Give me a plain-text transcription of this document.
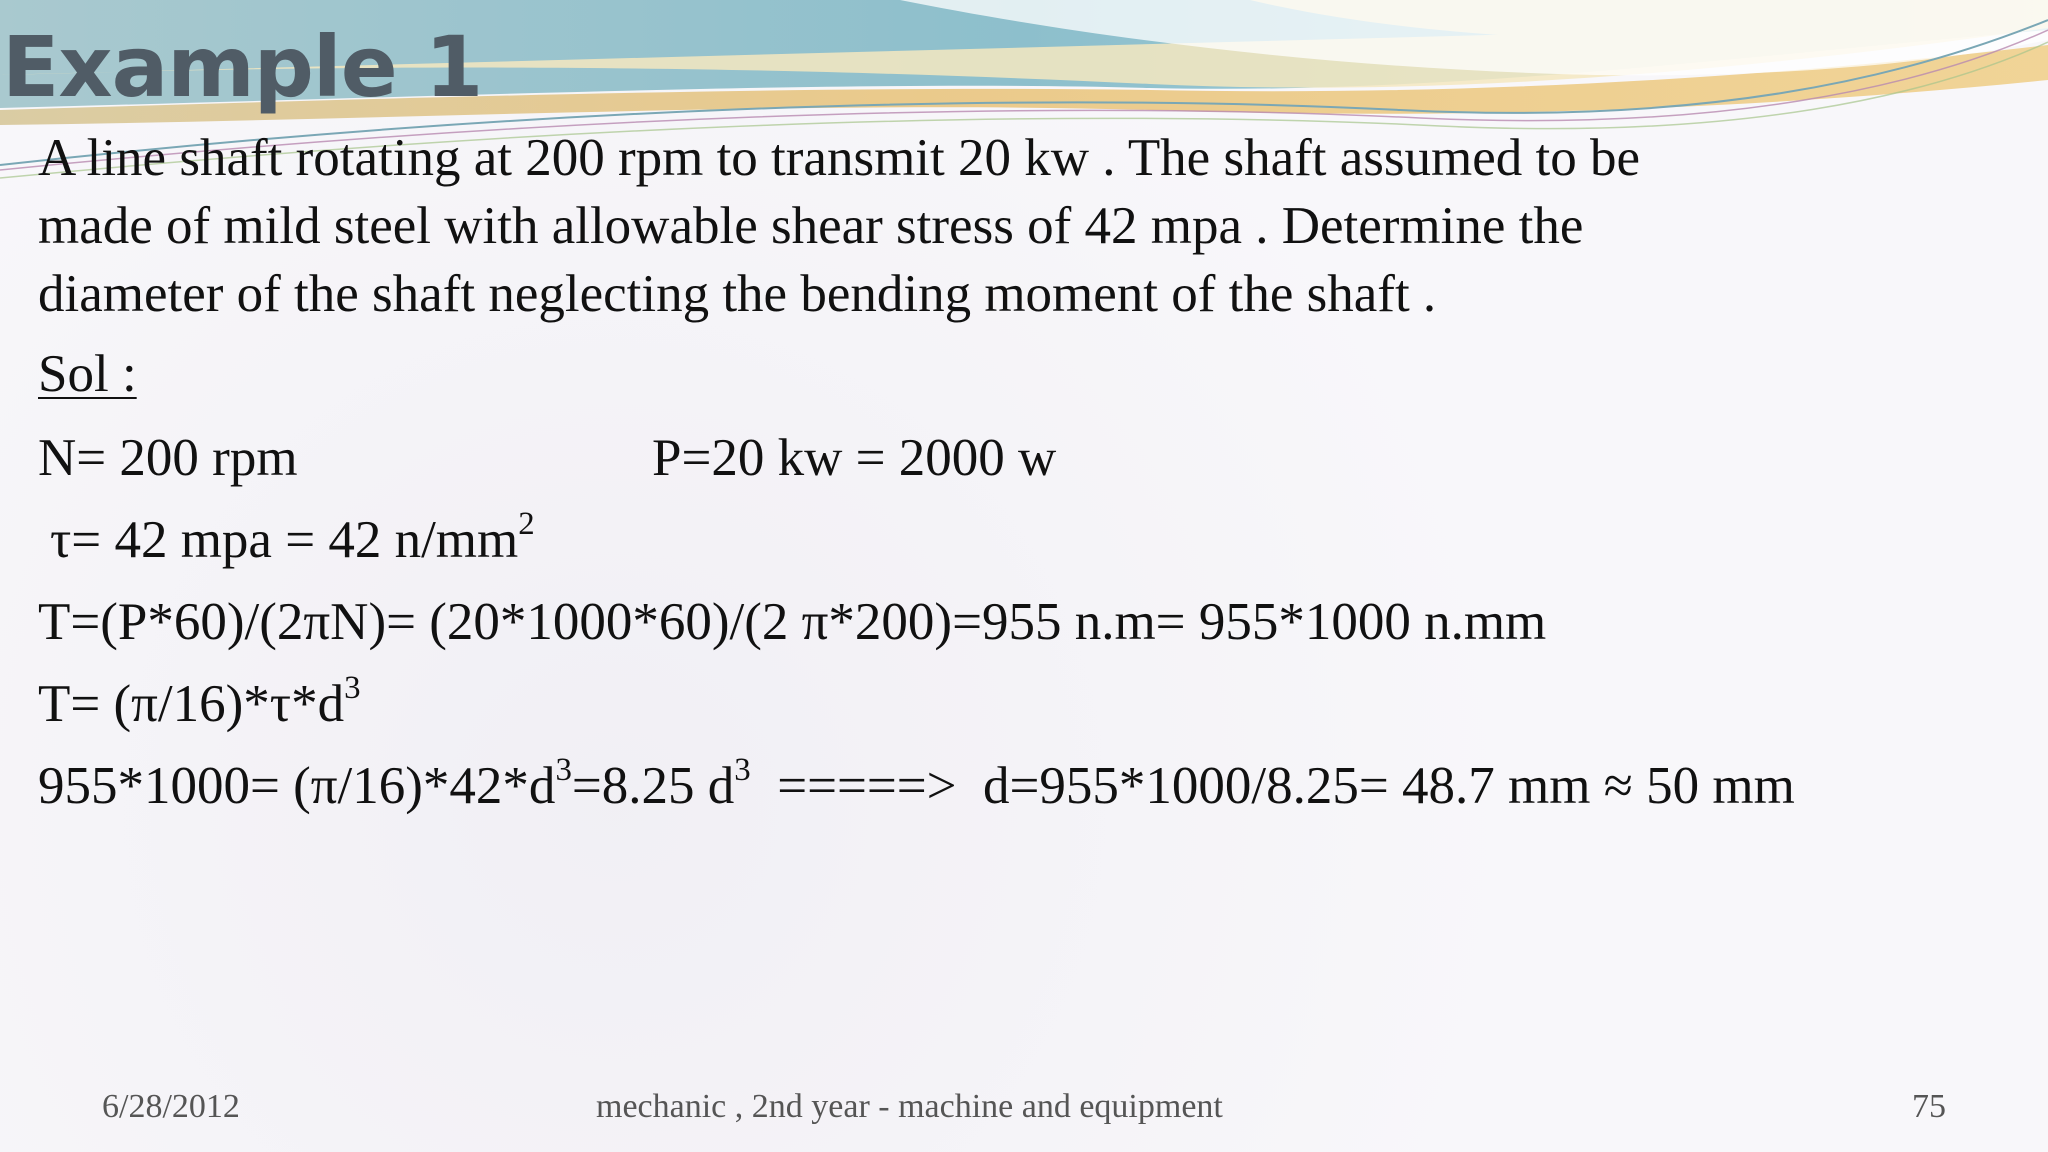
Example 1

A line shaft rotating at 200 rpm to transmit 20 kw . The shaft assumed to be

made of mild steel with allowable shear stress of 42 mpa . Determine the

diameter of the shaft neglecting the bending moment of the shaft .

Sol :
N= 200 rpm	P=20 kw = 2000 w
τ= 42 mpa = 42 $n/mm^2$
T=(P*60)/(2πN)= (20*1000*60)/(2 π*200)=955 n.m= 955*1000 n.mm
$T= (\pi/16)*\tau*d^3$
$955*1000= (\pi/16)*42*d^3=8.25$ $d^3$  =====>  d=955*1000/8.25= 48.7 mm ≈ 50 mm
6/28/2012	mechanic , 2nd year - machine and equipment	75
